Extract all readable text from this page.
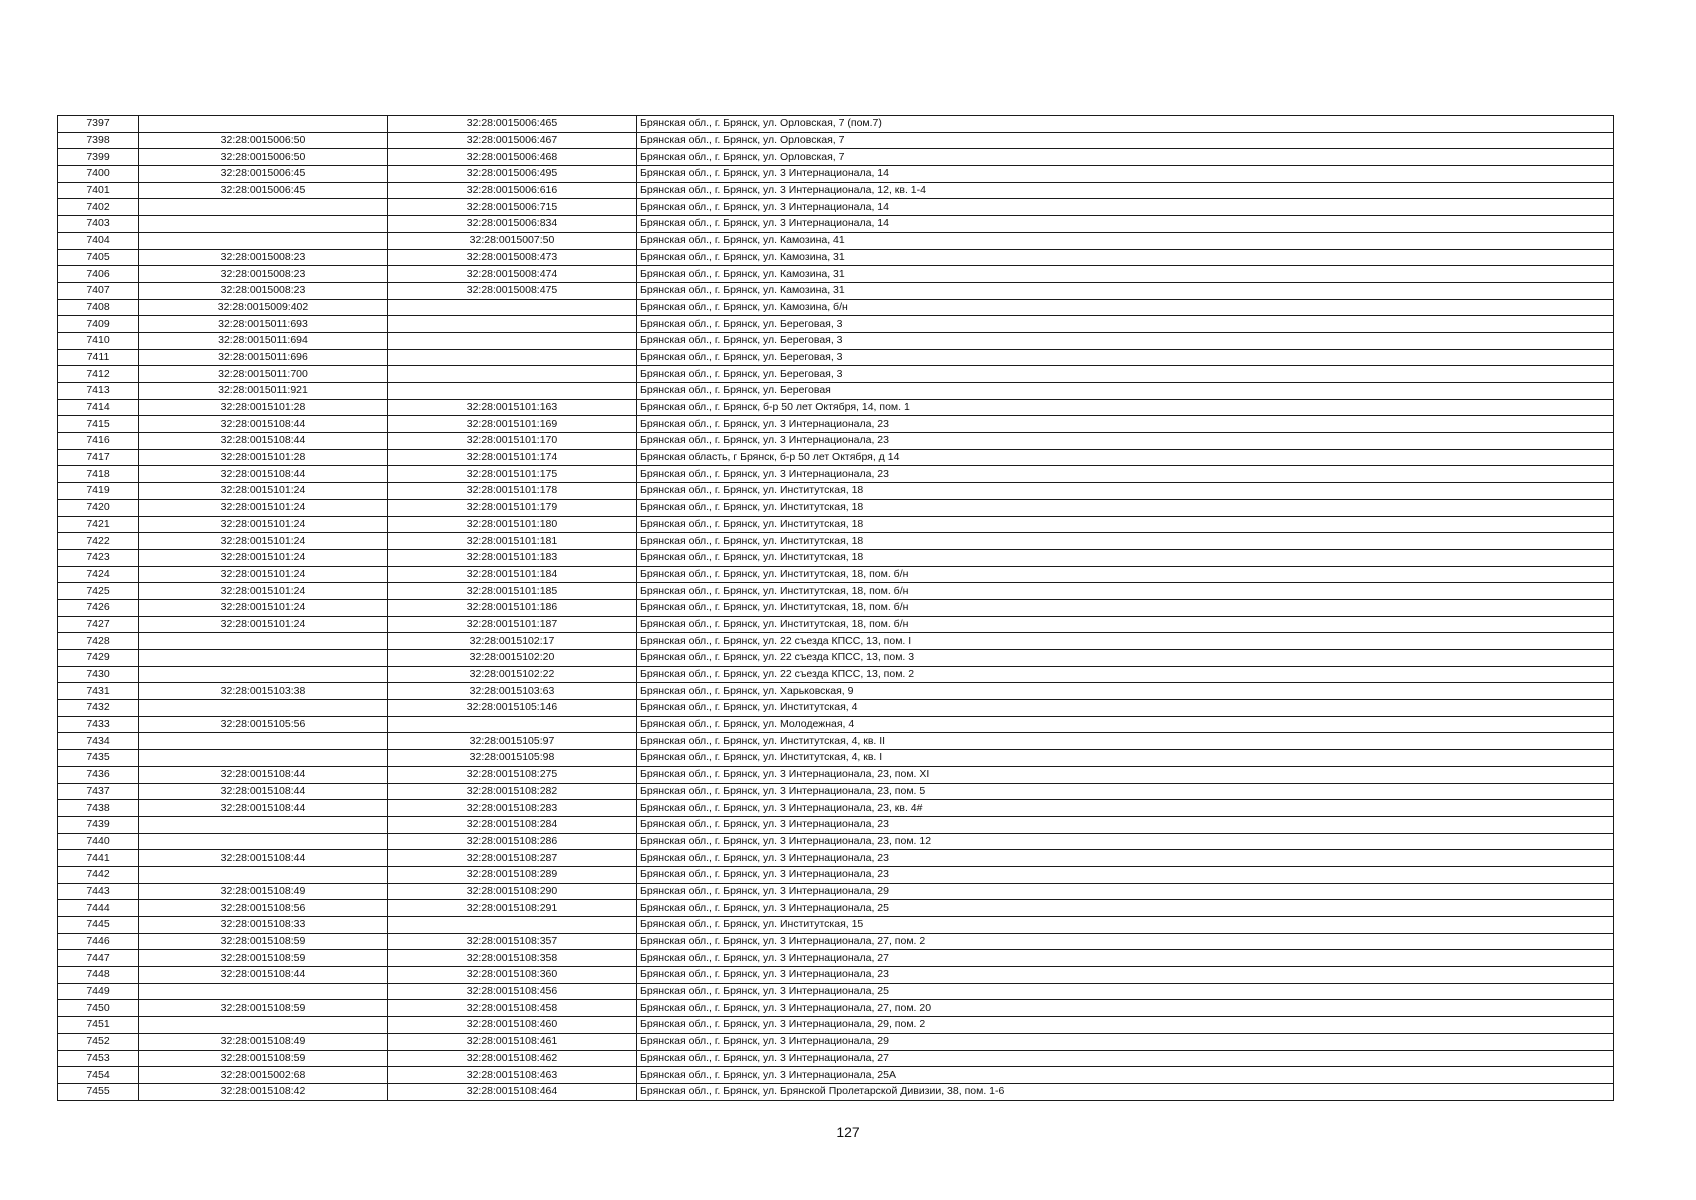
7397		32:28:0015006:465	Брянская обл., г. Брянск, ул. Орловская, 7 (пом.7)
7398	32:28:0015006:50	32:28:0015006:467	Брянская обл., г. Брянск, ул. Орловская, 7
7399	32:28:0015006:50	32:28:0015006:468	Брянская обл., г. Брянск, ул. Орловская, 7
7400	32:28:0015006:45	32:28:0015006:495	Брянская обл., г. Брянск, ул. 3 Интернационала, 14
7401	32:28:0015006:45	32:28:0015006:616	Брянская обл., г. Брянск, ул. 3 Интернационала, 12, кв. 1-4
7402		32:28:0015006:715	Брянская обл., г. Брянск, ул. 3 Интернационала, 14
7403		32:28:0015006:834	Брянская обл., г. Брянск, ул. 3 Интернационала, 14
7404		32:28:0015007:50	Брянская обл., г. Брянск, ул. Камозина, 41
7405	32:28:0015008:23	32:28:0015008:473	Брянская обл., г. Брянск, ул. Камозина, 31
7406	32:28:0015008:23	32:28:0015008:474	Брянская обл., г. Брянск, ул. Камозина, 31
7407	32:28:0015008:23	32:28:0015008:475	Брянская обл., г. Брянск, ул. Камозина, 31
7408	32:28:0015009:402		Брянская обл., г. Брянск, ул. Камозина, б/н
7409	32:28:0015011:693		Брянская обл., г. Брянск, ул. Береговая, 3
7410	32:28:0015011:694		Брянская обл., г. Брянск, ул. Береговая, 3
7411	32:28:0015011:696		Брянская обл., г. Брянск, ул. Береговая, 3
7412	32:28:0015011:700		Брянская обл., г. Брянск, ул. Береговая, 3
7413	32:28:0015011:921		Брянская обл., г. Брянск, ул. Береговая
7414	32:28:0015101:28	32:28:0015101:163	Брянская обл., г. Брянск, б-р 50 лет Октября, 14, пом. 1
7415	32:28:0015108:44	32:28:0015101:169	Брянская обл., г. Брянск, ул. 3 Интернационала, 23
7416	32:28:0015108:44	32:28:0015101:170	Брянская обл., г. Брянск, ул. 3 Интернационала, 23
7417	32:28:0015101:28	32:28:0015101:174	Брянская область, г Брянск, б-р 50 лет Октября, д 14
7418	32:28:0015108:44	32:28:0015101:175	Брянская обл., г. Брянск, ул. 3 Интернационала, 23
7419	32:28:0015101:24	32:28:0015101:178	Брянская обл., г. Брянск, ул. Институтская, 18
7420	32:28:0015101:24	32:28:0015101:179	Брянская обл., г. Брянск, ул. Институтская, 18
7421	32:28:0015101:24	32:28:0015101:180	Брянская обл., г. Брянск, ул. Институтская, 18
7422	32:28:0015101:24	32:28:0015101:181	Брянская обл., г. Брянск, ул. Институтская, 18
7423	32:28:0015101:24	32:28:0015101:183	Брянская обл., г. Брянск, ул. Институтская, 18
7424	32:28:0015101:24	32:28:0015101:184	Брянская обл., г. Брянск, ул. Институтская, 18, пом. б/н
7425	32:28:0015101:24	32:28:0015101:185	Брянская обл., г. Брянск, ул. Институтская, 18, пом. б/н
7426	32:28:0015101:24	32:28:0015101:186	Брянская обл., г. Брянск, ул. Институтская, 18, пом. б/н
7427	32:28:0015101:24	32:28:0015101:187	Брянская обл., г. Брянск, ул. Институтская, 18, пом. б/н
7428		32:28:0015102:17	Брянская обл., г. Брянск, ул. 22 съезда КПСС, 13, пом. I
7429		32:28:0015102:20	Брянская обл., г. Брянск, ул. 22 съезда КПСС, 13, пом. 3
7430		32:28:0015102:22	Брянская обл., г. Брянск, ул. 22 съезда КПСС, 13, пом. 2
7431	32:28:0015103:38	32:28:0015103:63	Брянская обл., г. Брянск, ул. Харьковская, 9
7432		32:28:0015105:146	Брянская обл., г. Брянск, ул. Институтская, 4
7433	32:28:0015105:56		Брянская обл., г. Брянск, ул. Молодежная, 4
7434		32:28:0015105:97	Брянская обл., г. Брянск, ул. Институтская, 4, кв. II
7435		32:28:0015105:98	Брянская обл., г. Брянск, ул. Институтская, 4, кв. I
7436	32:28:0015108:44	32:28:0015108:275	Брянская обл., г. Брянск, ул. 3 Интернационала, 23, пом. XI
7437	32:28:0015108:44	32:28:0015108:282	Брянская обл., г. Брянск, ул. 3 Интернационала, 23, пом. 5
7438	32:28:0015108:44	32:28:0015108:283	Брянская обл., г. Брянск, ул. 3 Интернационала, 23, кв. 4#
7439		32:28:0015108:284	Брянская обл., г. Брянск, ул. 3 Интернационала, 23
7440		32:28:0015108:286	Брянская обл., г. Брянск, ул. 3 Интернационала, 23, пом. 12
7441	32:28:0015108:44	32:28:0015108:287	Брянская обл., г. Брянск, ул. 3 Интернационала, 23
7442		32:28:0015108:289	Брянская обл., г. Брянск, ул. 3 Интернационала, 23
7443	32:28:0015108:49	32:28:0015108:290	Брянская обл., г. Брянск, ул. 3 Интернационала, 29
7444	32:28:0015108:56	32:28:0015108:291	Брянская обл., г. Брянск, ул. 3 Интернационала, 25
7445	32:28:0015108:33		Брянская обл., г. Брянск, ул. Институтская, 15
7446	32:28:0015108:59	32:28:0015108:357	Брянская обл., г. Брянск, ул. 3 Интернационала, 27, пом. 2
7447	32:28:0015108:59	32:28:0015108:358	Брянская обл., г. Брянск, ул. 3 Интернационала, 27
7448	32:28:0015108:44	32:28:0015108:360	Брянская обл., г. Брянск, ул. 3 Интернационала, 23
7449		32:28:0015108:456	Брянская обл., г. Брянск, ул. 3 Интернационала, 25
7450	32:28:0015108:59	32:28:0015108:458	Брянская обл., г. Брянск, ул. 3 Интернационала, 27, пом. 20
7451		32:28:0015108:460	Брянская обл., г. Брянск, ул. 3 Интернационала, 29, пом. 2
7452	32:28:0015108:49	32:28:0015108:461	Брянская обл., г. Брянск, ул. 3 Интернационала, 29
7453	32:28:0015108:59	32:28:0015108:462	Брянская обл., г. Брянск, ул. 3 Интернационала, 27
7454	32:28:0015002:68	32:28:0015108:463	Брянская обл., г. Брянск, ул. 3 Интернационала, 25А
7455	32:28:0015108:42	32:28:0015108:464	Брянская обл., г. Брянск, ул. Брянской Пролетарской Дивизии, 38, пом. 1-6
127
